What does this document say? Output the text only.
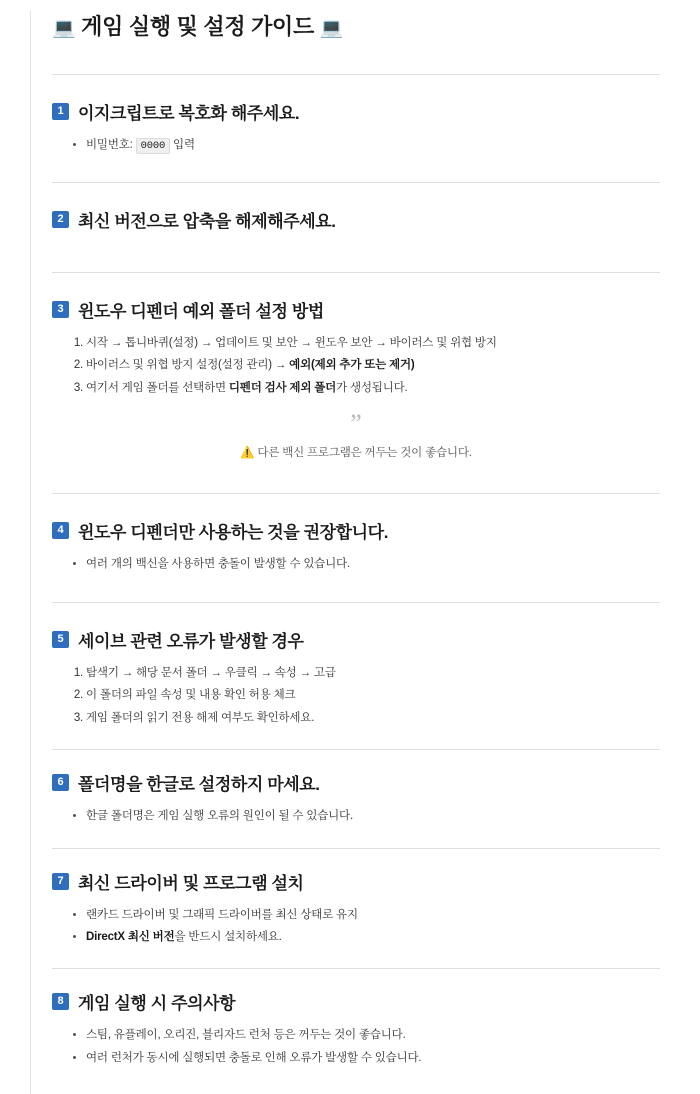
💻 게임 실행 및 설정 가이드 💻
1 이지크립트로 복호화 해주세요.
• 비밀번호: 0000 입력
2 최신 버전으로 압축을 해제해주세요.
3 윈도우 디펜더 예외 폴더 설정 방법
1. 시작 → 톱니바퀴(설정) → 업데이트 및 보안 → 윈도우 보안 → 바이러스 및 위협 방지
2. 바이러스 및 위협 방지 설정(설정 관리) → 예외(제외 추가 또는 제거)
3. 여기서 게임 폴더를 선택하면 디펜더 검사 제외 폴더가 생성됩니다.
”
⚠️ 다른 백신 프로그램은 꺼두는 것이 좋습니다.
4 윈도우 디펜더만 사용하는 것을 권장합니다.
• 여러 개의 백신을 사용하면 충돌이 발생할 수 있습니다.
5 세이브 관련 오류가 발생할 경우
1. 탐색기 → 해당 문서 폴더 → 우클릭 → 속성 → 고급
2. 이 폴더의 파일 속성 및 내용 확인 허용 체크
3. 게임 폴더의 읽기 전용 해제 여부도 확인하세요.
6 폴더명을 한글로 설정하지 마세요.
• 한글 폴더명은 게임 실행 오류의 원인이 될 수 있습니다.
7 최신 드라이버 및 프로그램 설치
• 랜카드 드라이버 및 그래픽 드라이버를 최신 상태로 유지
• DirectX 최신 버전을 반드시 설치하세요.
8 게임 실행 시 주의사항
• 스팀, 유플레이, 오리진, 블리자드 런처 등은 꺼두는 것이 좋습니다.
• 여러 런처가 동시에 실행되면 충돌로 인해 오류가 발생할 수 있습니다.
